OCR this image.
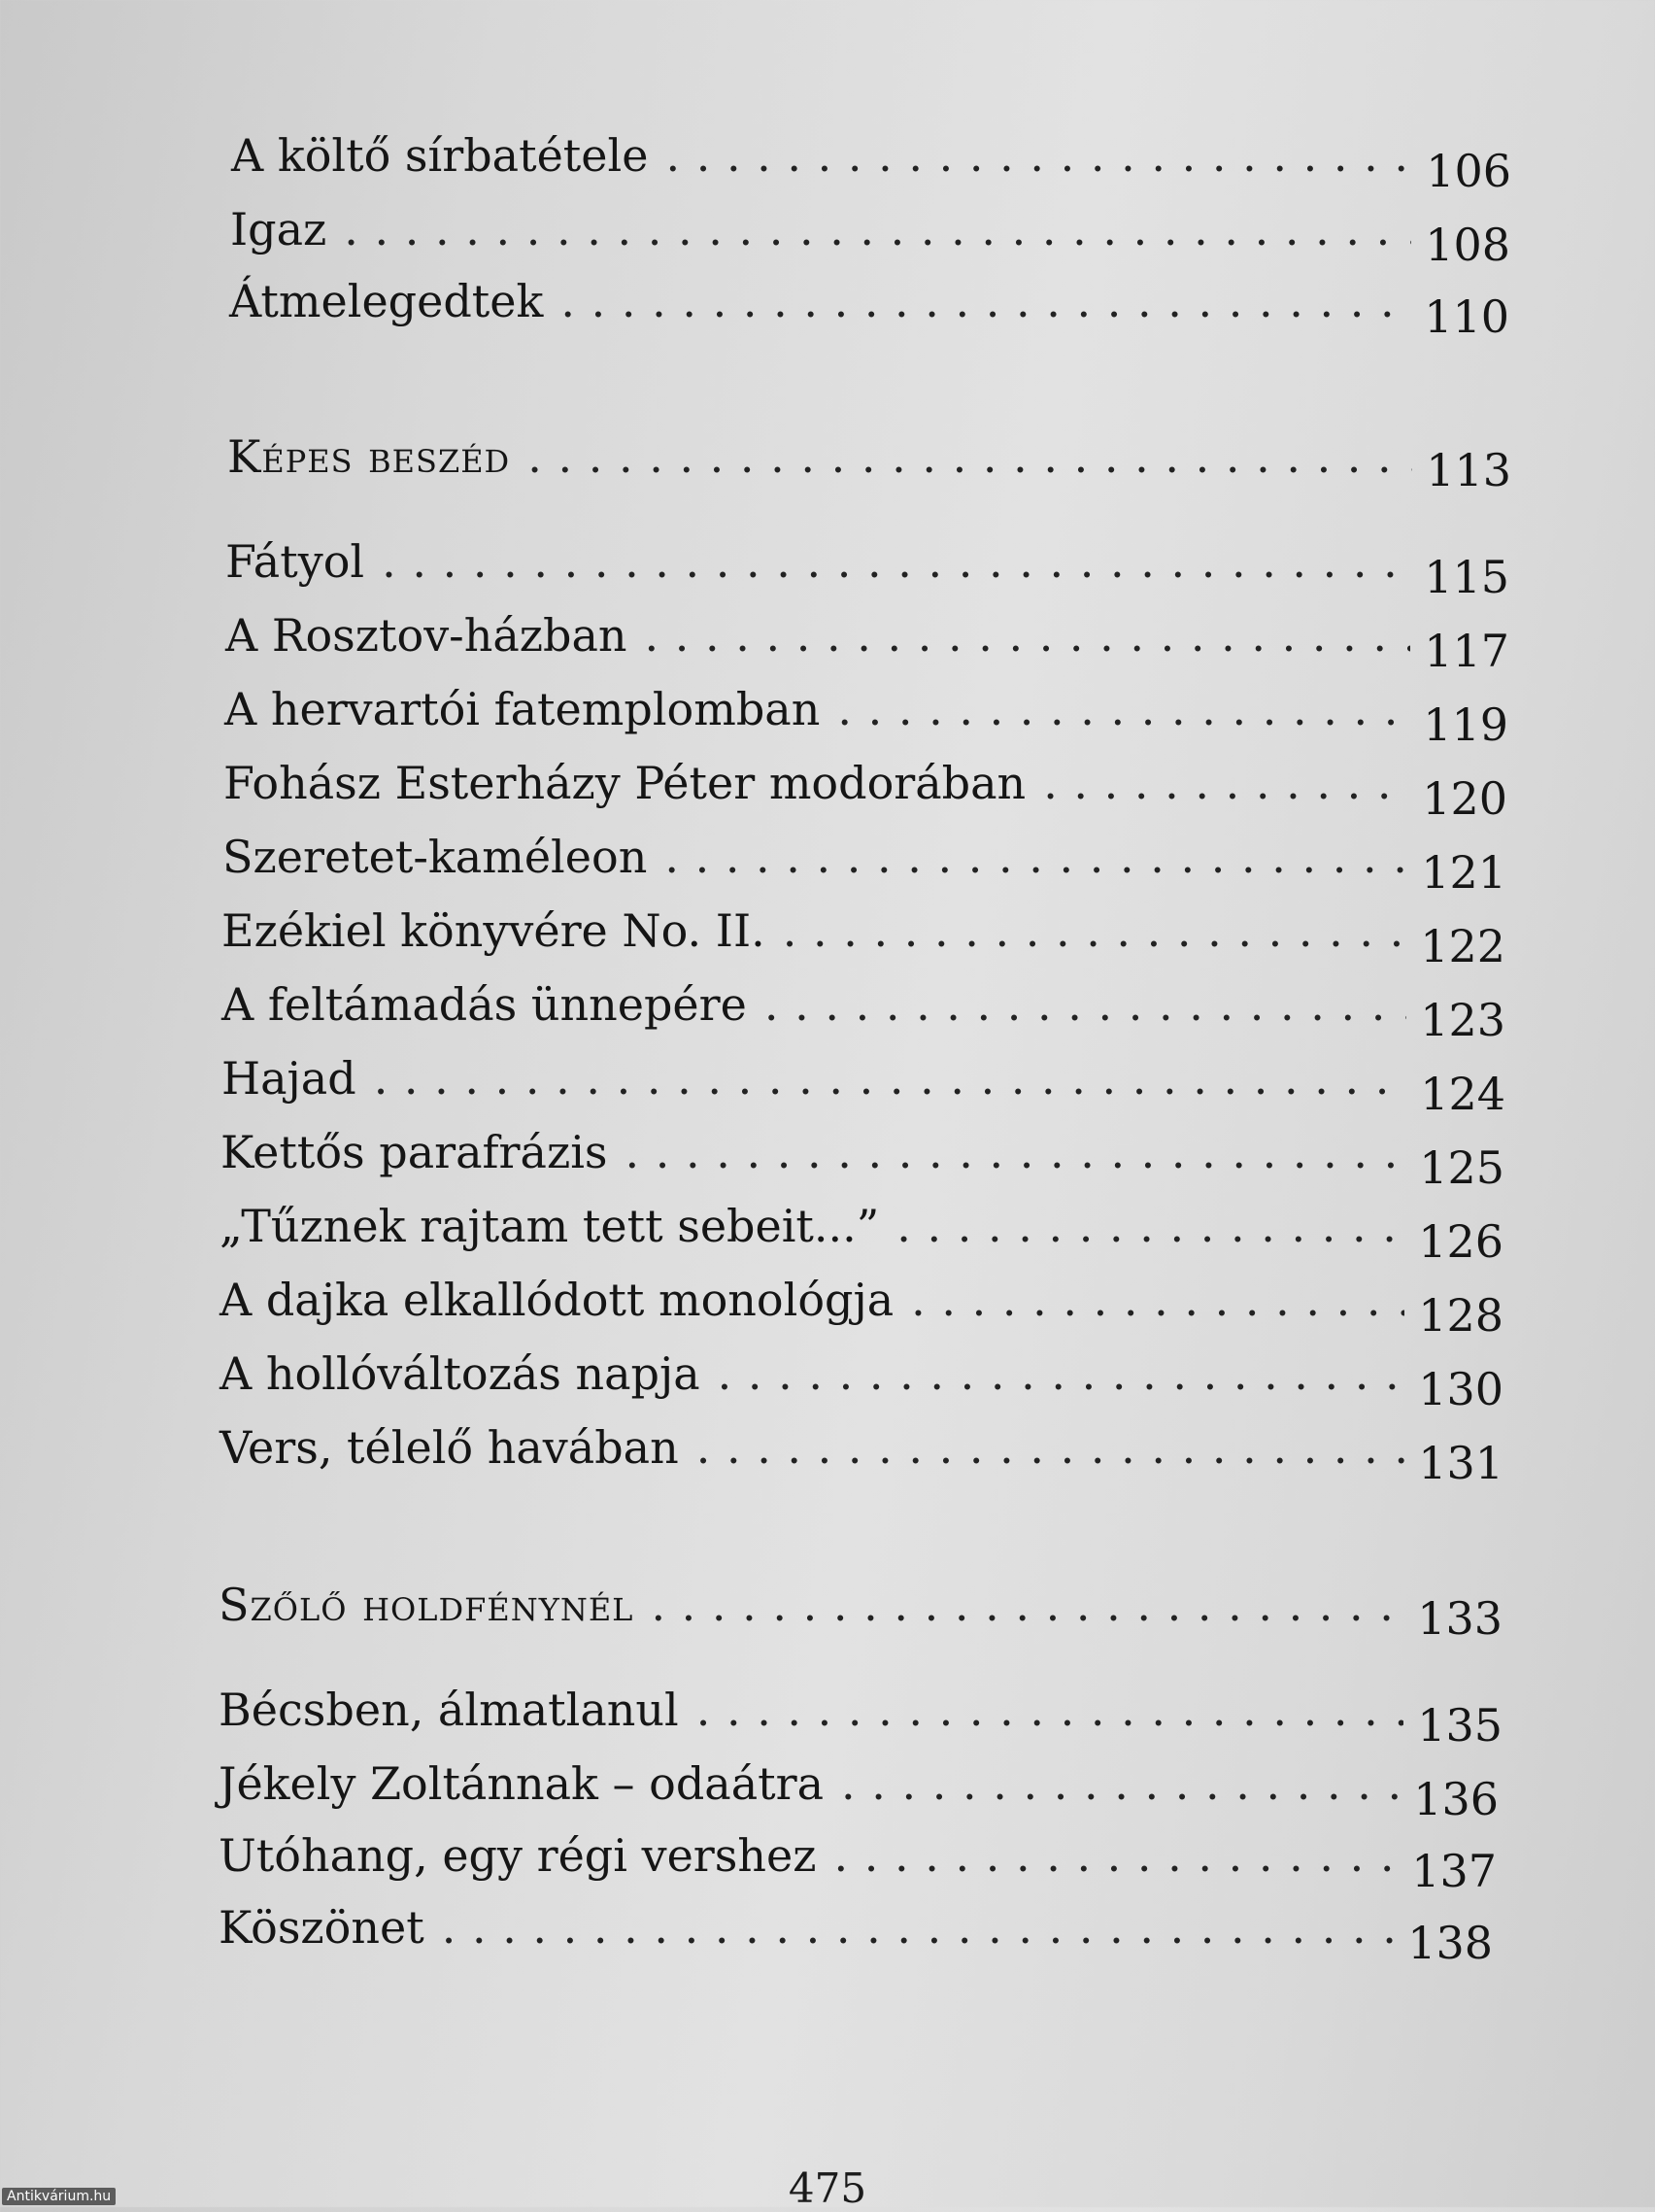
A költő sírbatétele . . .	106
Igaz . . .	108
Átmelegedtek . . .	110
Képes beszéd . . .	113
Fátyol . . .	115
A Rosztov-házban . . .	117
A hervartói fatemplomban . . .	119
Fohász Esterházy Péter modorában . . .	120
Szeretet-kaméleon . . .	121
Ezékiel könyvére No. II. . . .	122
A feltámadás ünnepére . . .	123
Hajad . . .	124
Kettős parafrázis . . .	125
„Tűznek rajtam tett sebeit...” . . .	126
A dajka elkallódott monológja . . .	128
A hollóváltozás napja . . .	130
Vers, télelő havában . . .	131
Szőlő holdfénynél . . .	133
Bécsben, álmatlanul . . .	135
Jékely Zoltánnak – odaátra . . .	136
Utóhang, egy régi vershez . . .	137
Köszönet . . .	138
475
Antikvárium.hu
